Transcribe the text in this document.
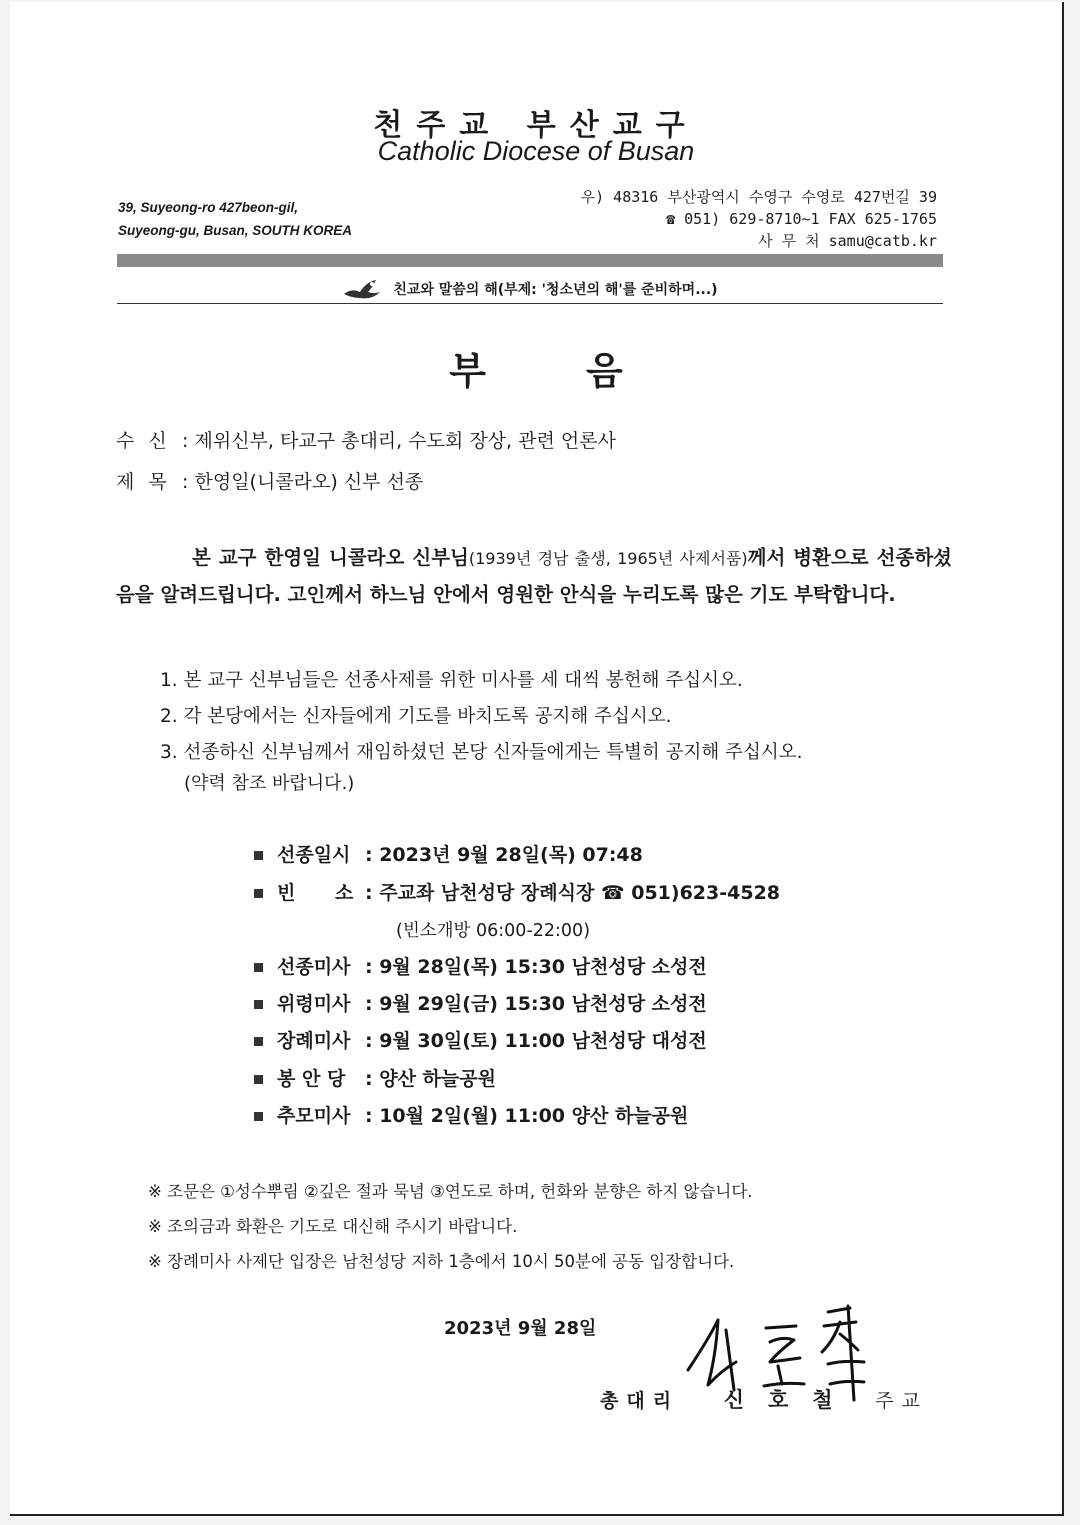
천주교 부산교구
Catholic Diocese of Busan
39, Suyeong-ro 427beon-gil,
Suyeong-gu, Busan, SOUTH KOREA
우) 48316 부산광역시 수영구 수영로 427번길 39
☎ 051) 629-8710~1 FAX 625-1765
사 무 처 samu@catb.kr
친교와 말씀의 해(부제: '청소년의 해'를 준비하며...)
부음
수 신 : 제위신부, 타교구 총대리, 수도회 장상, 관련 언론사
제 목 : 한영일(니콜라오) 신부 선종
본 교구 한영일 니콜라오 신부님(1939년 경남 출생, 1965년 사제서품)께서 병환으로 선종하셨음을 알려드립니다. 고인께서 하느님 안에서 영원한 안식을 누리도록 많은 기도 부탁합니다.
1. 본 교구 신부님들은 선종사제를 위한 미사를 세 대씩 봉헌해 주십시오.
2. 각 본당에서는 신자들에게 기도를 바치도록 공지해 주십시오.
3. 선종하신 신부님께서 재임하셨던 본당 신자들에게는 특별히 공지해 주십시오.
(약력 참조 바랍니다.)
선종일시 : 2023년 9월 28일(목) 07:48
빈      소 : 주교좌 남천성당 장례식장 ☎ 051)623-4528
(빈소개방 06:00-22:00)
선종미사 : 9월 28일(목) 15:30 남천성당 소성전
위령미사 : 9월 29일(금) 15:30 남천성당 소성전
장례미사 : 9월 30일(토) 11:00 남천성당 대성전
봉 안 당 : 양산 하늘공원
추모미사 : 10월 2일(월) 11:00 양산 하늘공원
※ 조문은 ①성수뿌림 ②깊은 절과 묵념 ③연도로 하며, 헌화와 분향은 하지 않습니다.
※ 조의금과 화환은 기도로 대신해 주시기 바랍니다.
※ 장례미사 사제단 입장은 남천성당 지하 1층에서 10시 50분에 공동 입장합니다.
2023년 9월 28일
총대리 신호철 주교
